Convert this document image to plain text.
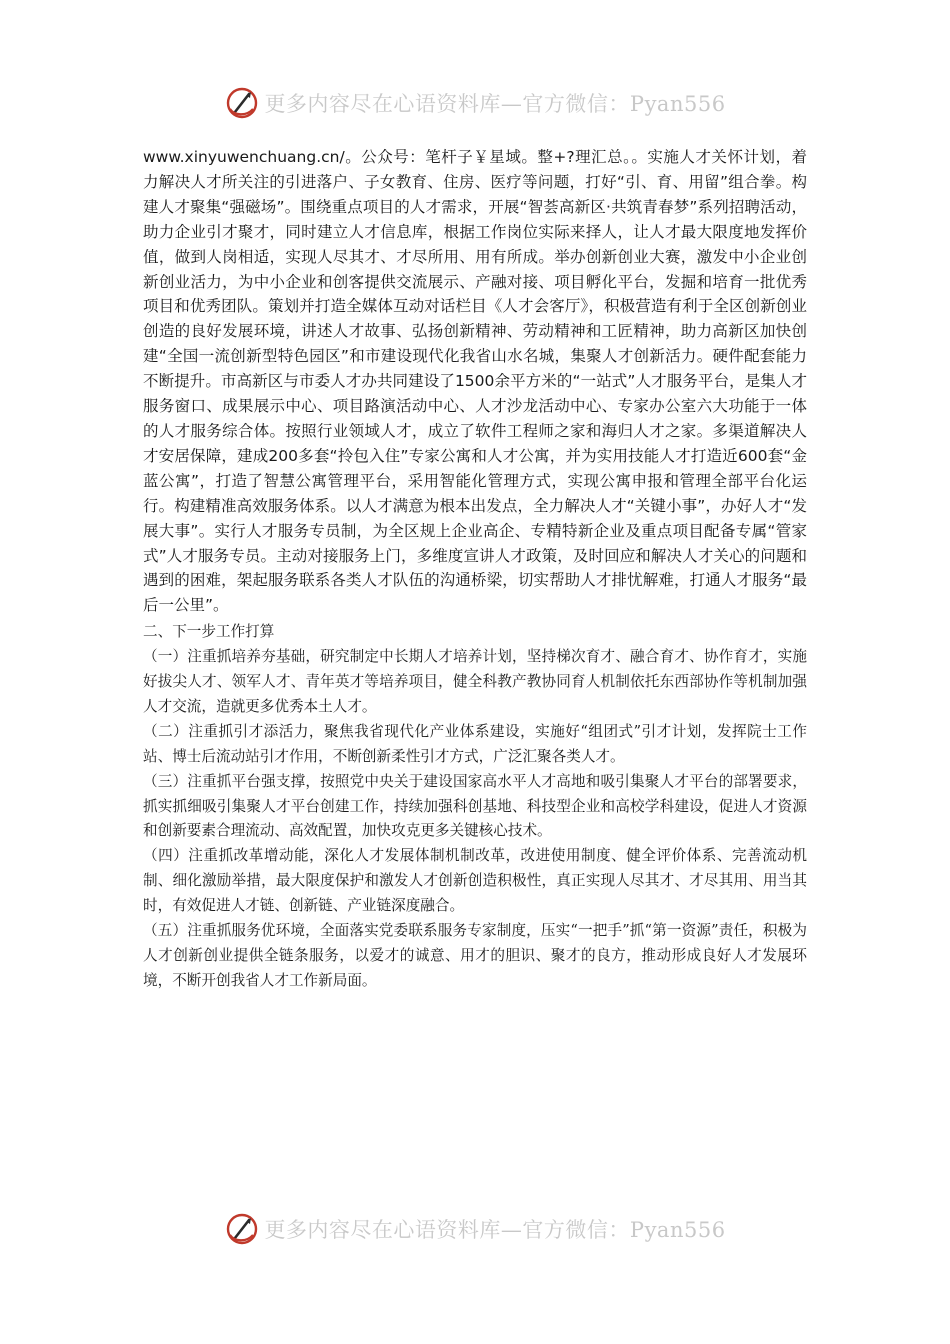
更多内容尽在心语资料库—官方微信：Pyan556

www.xinyuwenchuang.cn/。公众号：笔杆子￥星域。整+?理汇总。。实施人才关怀计划，着力解决人才所关注的引进落户、子女教育、住房、医疗等问题，打好“引、育、用留”组合拳。构建人才聚集“强磁场”。围绕重点项目的人才需求，开展“智荟高新区·共筑青春梦”系列招聘活动，助力企业引才聚才，同时建立人才信息库，根据工作岗位实际来择人，让人才最大限度地发挥价值，做到人岗相适，实现人尽其才、才尽所用、用有所成。举办创新创业大赛，激发中小企业创新创业活力，为中小企业和创客提供交流展示、产融对接、项目孵化平台，发掘和培育一批优秀项目和优秀团队。策划并打造全媒体互动对话栏目《人才会客厅》，积极营造有利于全区创新创业创造的良好发展环境，讲述人才故事、弘扬创新精神、劳动精神和工匠精神，助力高新区加快创建“全国一流创新型特色园区”和市建设现代化我省山水名城，集聚人才创新活力。硬件配套能力不断提升。市高新区与市委人才办共同建设了1500余平方米的“一站式”人才服务平台，是集人才服务窗口、成果展示中心、项目路演活动中心、人才沙龙活动中心、专家办公室六大功能于一体的人才服务综合体。按照行业领域人才，成立了软件工程师之家和海归人才之家。多渠道解决人才安居保障，建成200多套“拎包入住”专家公寓和人才公寓，并为实用技能人才打造近600套“金蓝公寓”，打造了智慧公寓管理平台，采用智能化管理方式，实现公寓申报和管理全部平台化运行。构建精准高效服务体系。以人才满意为根本出发点，全力解决人才“关键小事”，办好人才“发展大事”。实行人才服务专员制，为全区规上企业高企、专精特新企业及重点项目配备专属“管家式”人才服务专员。主动对接服务上门，多维度宣讲人才政策，及时回应和解决人才关心的问题和遇到的困难，架起服务联系各类人才队伍的沟通桥梁，切实帮助人才排忧解难，打通人才服务“最后一公里”。

二、下一步工作打算

（一）注重抓培养夯基础，研究制定中长期人才培养计划，坚持梯次育才、融合育才、协作育才，实施好拔尖人才、领军人才、青年英才等培养项目，健全科教产教协同育人机制依托东西部协作等机制加强人才交流，造就更多优秀本土人才。

（二）注重抓引才添活力，聚焦我省现代化产业体系建设，实施好“组团式”引才计划，发挥院士工作站、博士后流动站引才作用，不断创新柔性引才方式，广泛汇聚各类人才。

（三）注重抓平台强支撑，按照党中央关于建设国家高水平人才高地和吸引集聚人才平台的部署要求，抓实抓细吸引集聚人才平台创建工作，持续加强科创基地、科技型企业和高校学科建设，促进人才资源和创新要素合理流动、高效配置，加快攻克更多关键核心技术。

（四）注重抓改革增动能，深化人才发展体制机制改革，改进使用制度、健全评价体系、完善流动机制、细化激励举措，最大限度保护和激发人才创新创造积极性，真正实现人尽其才、才尽其用、用当其时，有效促进人才链、创新链、产业链深度融合。

（五）注重抓服务优环境，全面落实党委联系服务专家制度，压实“一把手”抓“第一资源”责任，积极为人才创新创业提供全链条服务，以爱才的诚意、用才的胆识、聚才的良方，推动形成良好人才发展环境，不断开创我省人才工作新局面。

更多内容尽在心语资料库—官方微信：Pyan556
